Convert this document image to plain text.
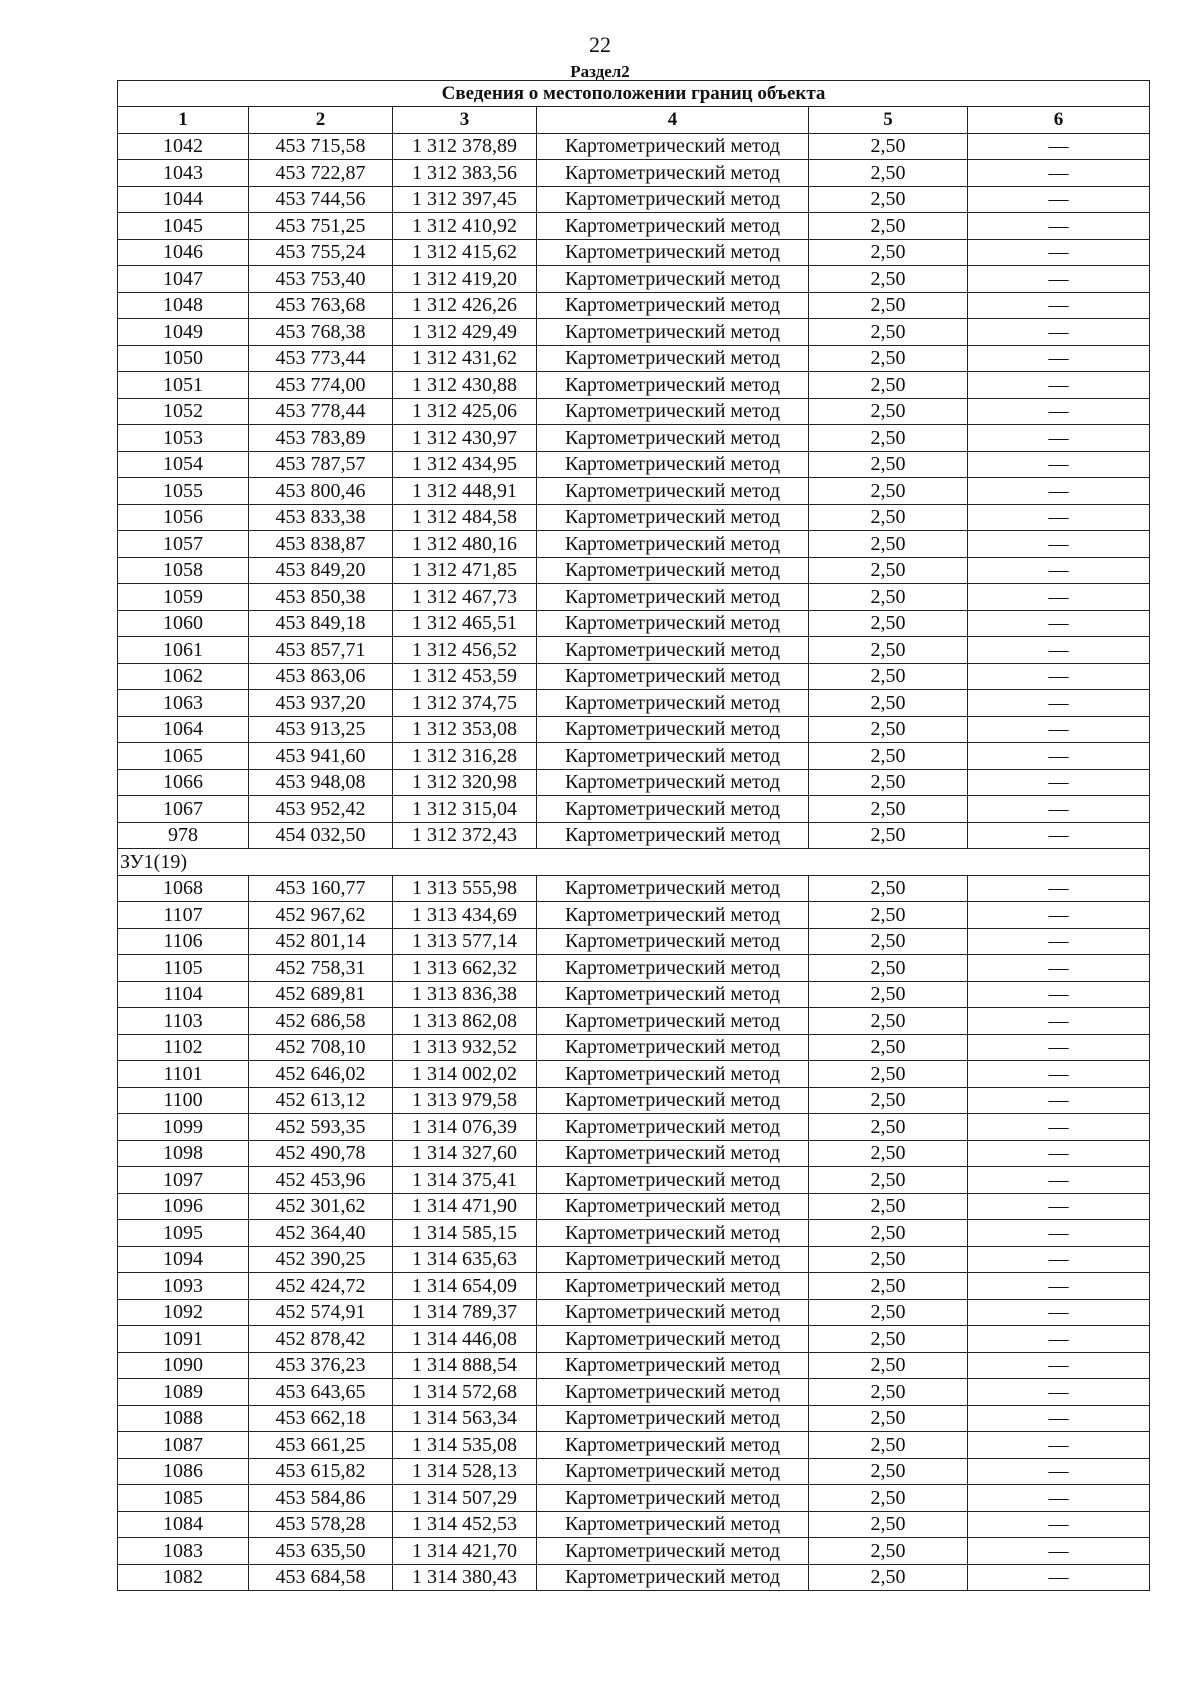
22
Раздел2
Сведения о местоположении границ объекта					
1	2	3	4	5	6
1042	453 715,58	1 312 378,89	Картометрический метод	2,50	—
1043	453 722,87	1 312 383,56	Картометрический метод	2,50	—
1044	453 744,56	1 312 397,45	Картометрический метод	2,50	—
1045	453 751,25	1 312 410,92	Картометрический метод	2,50	—
1046	453 755,24	1 312 415,62	Картометрический метод	2,50	—
1047	453 753,40	1 312 419,20	Картометрический метод	2,50	—
1048	453 763,68	1 312 426,26	Картометрический метод	2,50	—
1049	453 768,38	1 312 429,49	Картометрический метод	2,50	—
1050	453 773,44	1 312 431,62	Картометрический метод	2,50	—
1051	453 774,00	1 312 430,88	Картометрический метод	2,50	—
1052	453 778,44	1 312 425,06	Картометрический метод	2,50	—
1053	453 783,89	1 312 430,97	Картометрический метод	2,50	—
1054	453 787,57	1 312 434,95	Картометрический метод	2,50	—
1055	453 800,46	1 312 448,91	Картометрический метод	2,50	—
1056	453 833,38	1 312 484,58	Картометрический метод	2,50	—
1057	453 838,87	1 312 480,16	Картометрический метод	2,50	—
1058	453 849,20	1 312 471,85	Картометрический метод	2,50	—
1059	453 850,38	1 312 467,73	Картометрический метод	2,50	—
1060	453 849,18	1 312 465,51	Картометрический метод	2,50	—
1061	453 857,71	1 312 456,52	Картометрический метод	2,50	—
1062	453 863,06	1 312 453,59	Картометрический метод	2,50	—
1063	453 937,20	1 312 374,75	Картометрический метод	2,50	—
1064	453 913,25	1 312 353,08	Картометрический метод	2,50	—
1065	453 941,60	1 312 316,28	Картометрический метод	2,50	—
1066	453 948,08	1 312 320,98	Картометрический метод	2,50	—
1067	453 952,42	1 312 315,04	Картометрический метод	2,50	—
978	454 032,50	1 312 372,43	Картометрический метод	2,50	—
ЗУ1(19)					
1068	453 160,77	1 313 555,98	Картометрический метод	2,50	—
1107	452 967,62	1 313 434,69	Картометрический метод	2,50	—
1106	452 801,14	1 313 577,14	Картометрический метод	2,50	—
1105	452 758,31	1 313 662,32	Картометрический метод	2,50	—
1104	452 689,81	1 313 836,38	Картометрический метод	2,50	—
1103	452 686,58	1 313 862,08	Картометрический метод	2,50	—
1102	452 708,10	1 313 932,52	Картометрический метод	2,50	—
1101	452 646,02	1 314 002,02	Картометрический метод	2,50	—
1100	452 613,12	1 313 979,58	Картометрический метод	2,50	—
1099	452 593,35	1 314 076,39	Картометрический метод	2,50	—
1098	452 490,78	1 314 327,60	Картометрический метод	2,50	—
1097	452 453,96	1 314 375,41	Картометрический метод	2,50	—
1096	452 301,62	1 314 471,90	Картометрический метод	2,50	—
1095	452 364,40	1 314 585,15	Картометрический метод	2,50	—
1094	452 390,25	1 314 635,63	Картометрический метод	2,50	—
1093	452 424,72	1 314 654,09	Картометрический метод	2,50	—
1092	452 574,91	1 314 789,37	Картометрический метод	2,50	—
1091	452 878,42	1 314 446,08	Картометрический метод	2,50	—
1090	453 376,23	1 314 888,54	Картометрический метод	2,50	—
1089	453 643,65	1 314 572,68	Картометрический метод	2,50	—
1088	453 662,18	1 314 563,34	Картометрический метод	2,50	—
1087	453 661,25	1 314 535,08	Картометрический метод	2,50	—
1086	453 615,82	1 314 528,13	Картометрический метод	2,50	—
1085	453 584,86	1 314 507,29	Картометрический метод	2,50	—
1084	453 578,28	1 314 452,53	Картометрический метод	2,50	—
1083	453 635,50	1 314 421,70	Картометрический метод	2,50	—
1082	453 684,58	1 314 380,43	Картометрический метод	2,50	—
